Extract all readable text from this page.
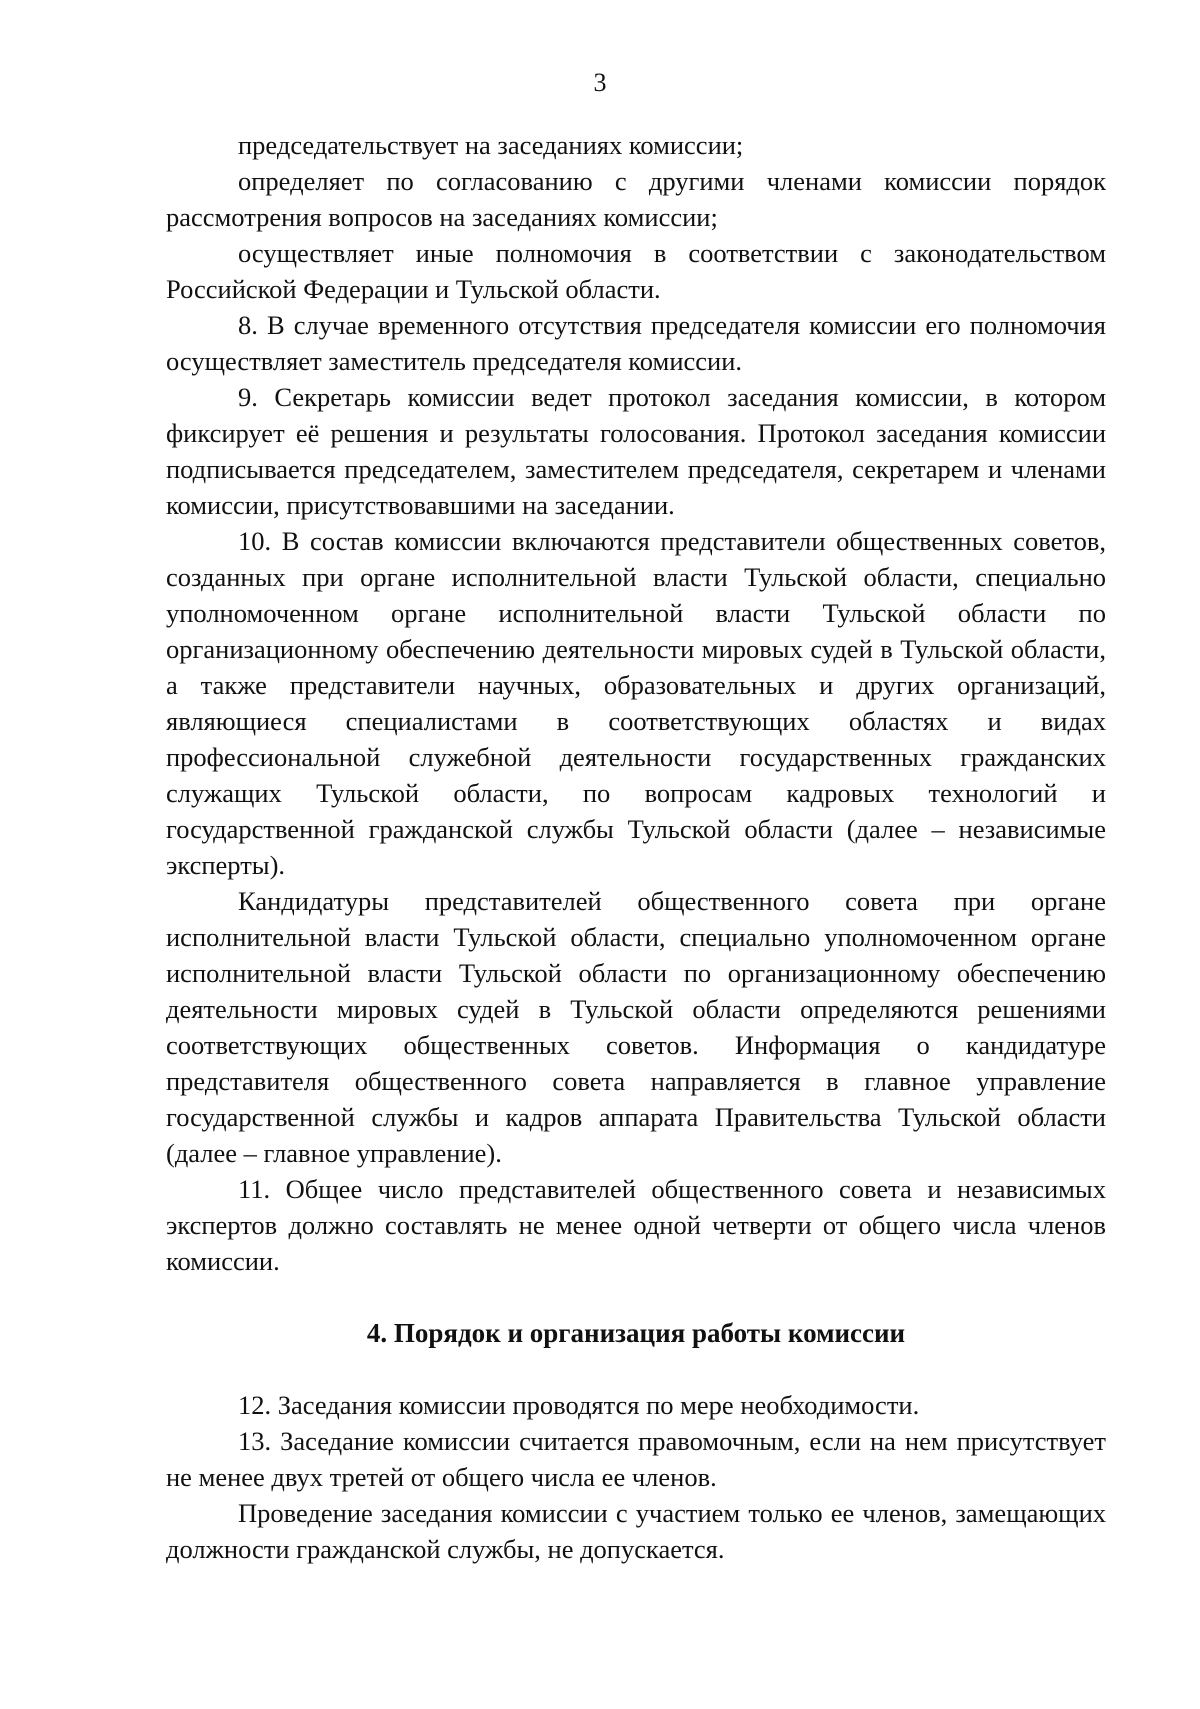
3

председательствует на заседаниях комиссии;

определяет по согласованию с другими членами комиссии порядок рассмотрения вопросов на заседаниях комиссии;

осуществляет иные полномочия в соответствии с законодательством Российской Федерации и Тульской области.

8. В случае временного отсутствия председателя комиссии его полномочия осуществляет заместитель председателя комиссии.

9. Секретарь комиссии ведет протокол заседания комиссии, в котором фиксирует её решения и результаты голосования. Протокол заседания комиссии подписывается председателем, заместителем председателя, секретарем и членами комиссии, присутствовавшими на заседании.

10. В состав комиссии включаются представители общественных советов, созданных при органе исполнительной власти Тульской области, специально уполномоченном органе исполнительной власти Тульской области по организационному обеспечению деятельности мировых судей в Тульской области, а также представители научных, образовательных и других организаций, являющиеся специалистами в соответствующих областях и видах профессиональной служебной деятельности государственных гражданских служащих Тульской области, по вопросам кадровых технологий и государственной гражданской службы Тульской области (далее – независимые эксперты).

Кандидатуры представителей общественного совета при органе исполнительной власти Тульской области, специально уполномоченном органе исполнительной власти Тульской области по организационному обеспечению деятельности мировых судей в Тульской области определяются решениями соответствующих общественных советов. Информация о кандидатуре представителя общественного совета направляется в главное управление государственной службы и кадров аппарата Правительства Тульской области (далее – главное управление).

11. Общее число представителей общественного совета и независимых экспертов должно составлять не менее одной четверти от общего числа членов комиссии.

4. Порядок и организация работы комиссии

12. Заседания комиссии проводятся по мере необходимости.

13. Заседание комиссии считается правомочным, если на нем присутствует не менее двух третей от общего числа ее членов.

Проведение заседания комиссии с участием только ее членов, замещающих должности гражданской службы, не допускается.
